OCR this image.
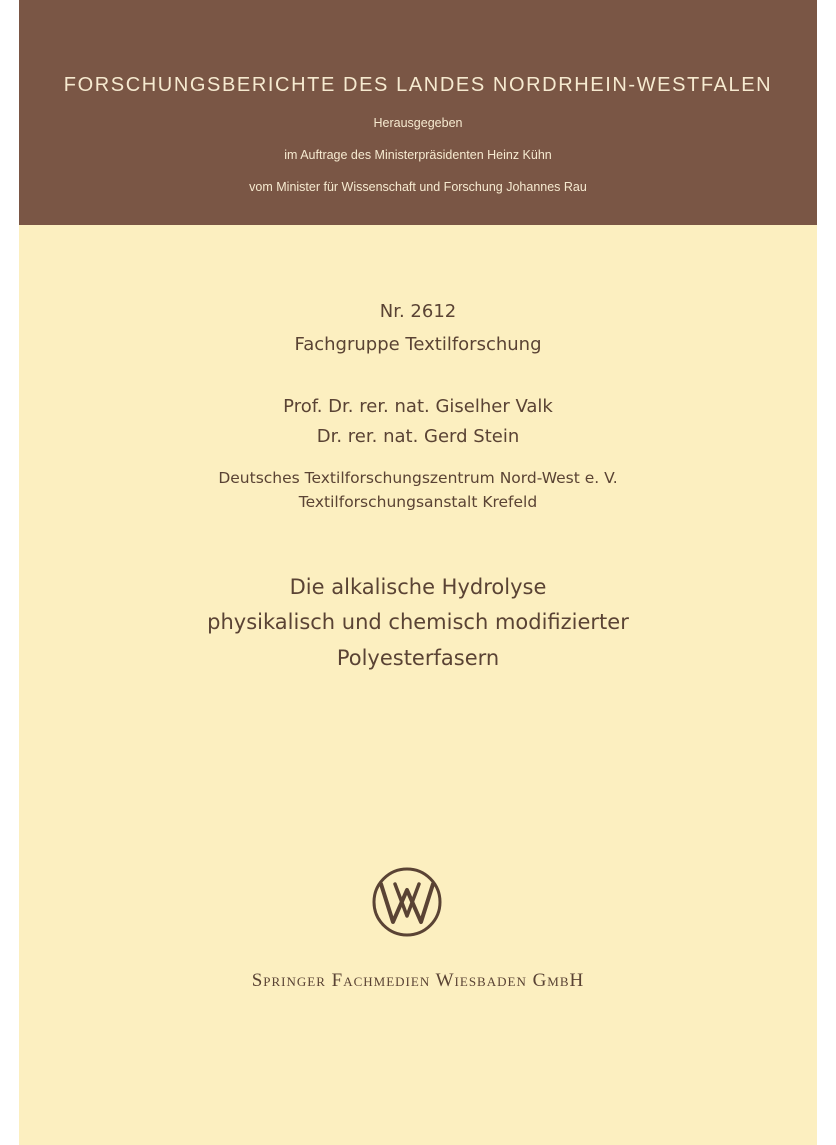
FORSCHUNGSBERICHTE DES LANDES NORDRHEIN-WESTFALEN
Herausgegeben
im Auftrage des Ministerpräsidenten Heinz Kühn
vom Minister für Wissenschaft und Forschung Johannes Rau
Nr. 2612
Fachgruppe Textilforschung
Prof. Dr. rer. nat. Giselher Valk
Dr. rer. nat. Gerd Stein
Deutsches Textilforschungszentrum Nord-West e. V.
Textilforschungsanstalt Krefeld
Die alkalische Hydrolyse
physikalisch und chemisch modifizierter
Polyesterfasern
Springer Fachmedien Wiesbaden GmbH
